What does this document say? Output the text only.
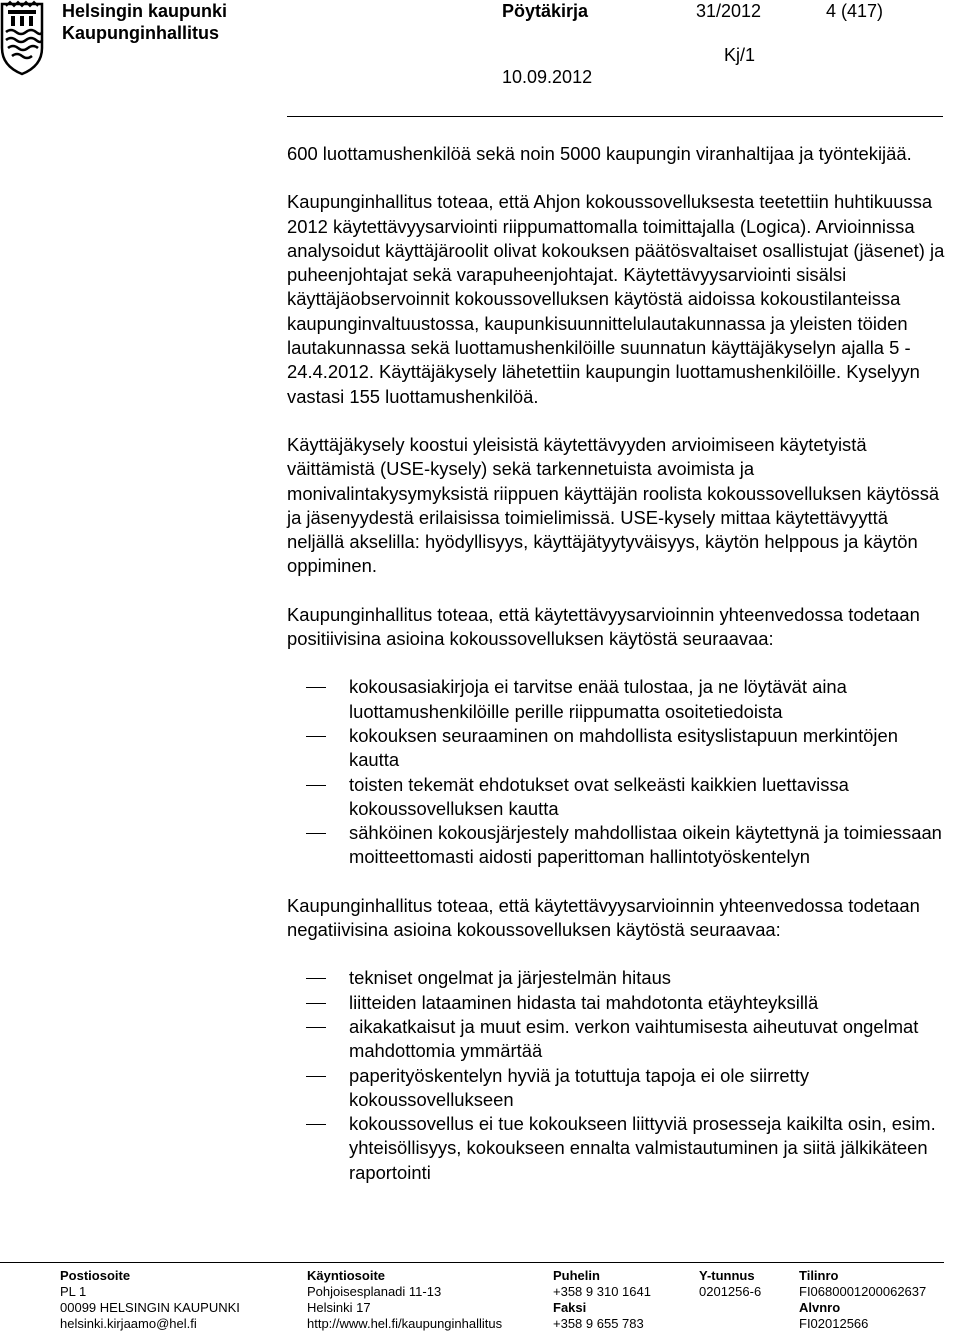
Helsingin kaupunki
Kaupunginhallitus
Pöytäkirja	31/2012	4 (417)
Kj/1
10.09.2012

600 luottamushenkilöä sekä noin 5000 kaupungin viranhaltijaa ja työntekijää.

Kaupunginhallitus toteaa, että Ahjon kokoussovelluksesta teetettiin huhtikuussa 2012 käytettävyysarviointi riippumattomalla toimittajalla (Logica). Arvioinnissa analysoidut käyttäjäroolit olivat kokouksen päätösvaltaiset osallistujat (jäsenet) ja puheenjohtajat sekä varapuheenjohtajat. Käytettävyysarviointi sisälsi käyttäjäobservoinnit kokoussovelluksen käytöstä aidoissa kokoustilanteissa kaupunginvaltuustossa, kaupunkisuunnittelulautakunnassa ja yleisten töiden lautakunnassa sekä luottamushenkilöille suunnatun käyttäjäkyselyn ajalla 5 - 24.4.2012. Käyttäjäkysely lähetettiin kaupungin luottamushenkilöille. Kyselyyn vastasi 155 luottamushenkilöä.

Käyttäjäkysely koostui yleisistä käytettävyyden arvioimiseen käytetyistä väittämistä (USE-kysely) sekä tarkennetuista avoimista ja monivalintakysymyksistä riippuen käyttäjän roolista kokoussovelluksen käytössä ja jäsenyydestä erilaisissa toimielimissä. USE-kysely mittaa käytettävyyttä neljällä akselilla: hyödyllisyys, käyttäjätyytyväisyys, käytön helppous ja käytön oppiminen.

Kaupunginhallitus toteaa, että käytettävyysarvioinnin yhteenvedossa todetaan positiivisina asioina kokoussovelluksen käytöstä seuraavaa:

kokousasiakirjoja ei tarvitse enää tulostaa, ja ne löytävät aina luottamushenkilöille perille riippumatta osoitetiedoista
kokouksen seuraaminen on mahdollista esityslistapuun merkintöjen kautta
toisten tekemät ehdotukset ovat selkeästi kaikkien luettavissa kokoussovelluksen kautta
sähköinen kokousjärjestely mahdollistaa oikein käytettynä ja toimiessaan moitteettomasti aidosti paperittoman hallintotyöskentelyn

Kaupunginhallitus toteaa, että käytettävyysarvioinnin yhteenvedossa todetaan negatiivisina asioina kokoussovelluksen käytöstä seuraavaa:

tekniset ongelmat ja järjestelmän hitaus
liitteiden lataaminen hidasta tai mahdotonta etäyhteyksillä
aikakatkaisut ja muut esim. verkon vaihtumisesta aiheutuvat ongelmat mahdottomia ymmärtää
paperityöskentelyn hyviä ja totuttuja tapoja ei ole siirretty kokoussovellukseen
kokoussovellus ei tue kokoukseen liittyviä prosesseja kaikilta osin, esim. yhteisöllisyys, kokoukseen ennalta valmistautuminen ja siitä jälkikäteen raportointi
Postiosoite
PL 1
00099 HELSINGIN KAUPUNKI
helsinki.kirjaamo@hel.fi
Käyntiosoite
Pohjoisesplanadi 11-13
Helsinki 17
http://www.hel.fi/kaupunginhallitus
Puhelin
+358 9 310 1641
Faksi
+358 9 655 783
Y-tunnus
0201256-6
Tilinro
FI0680001200062637
Alvnro
FI02012566
